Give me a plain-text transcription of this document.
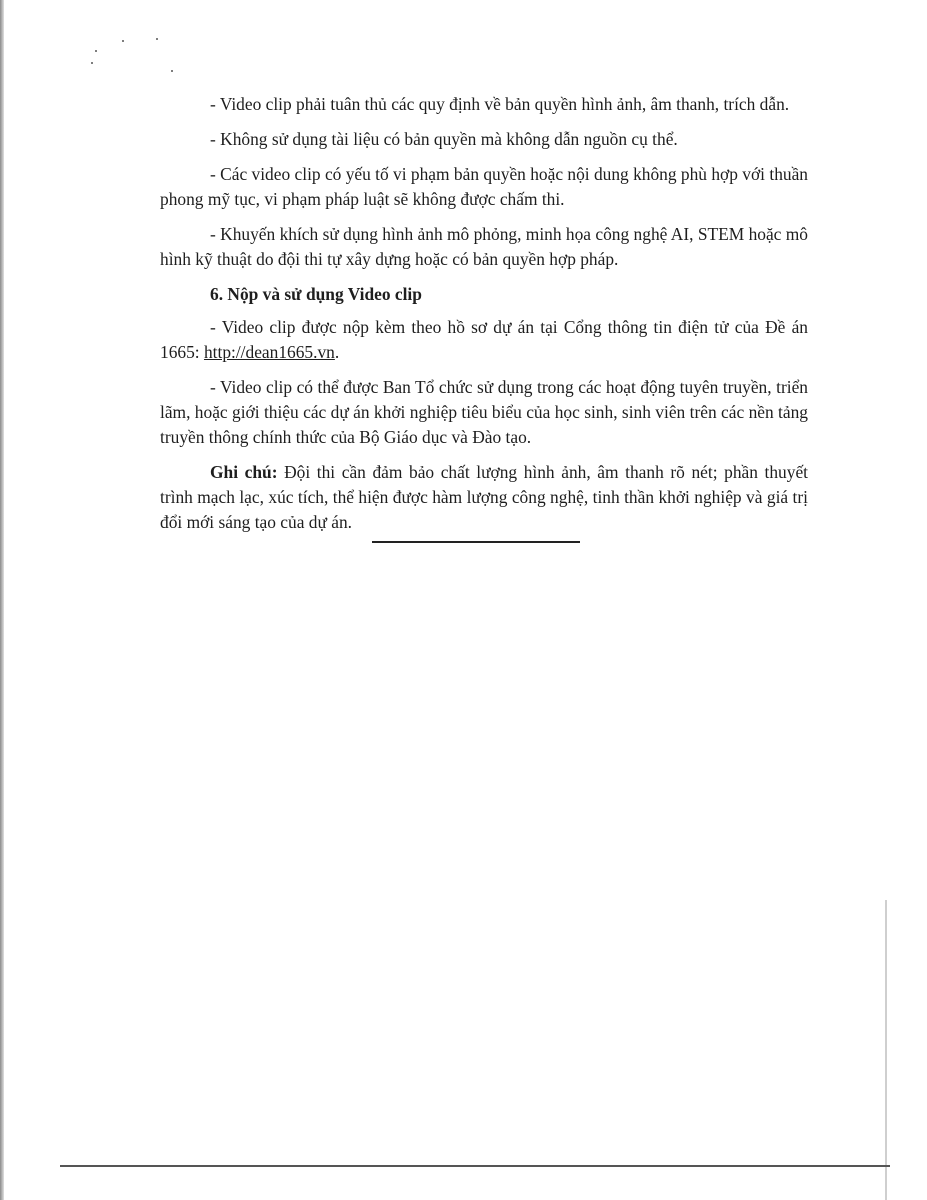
- Video clip phải tuân thủ các quy định về bản quyền hình ảnh, âm thanh, trích dẫn.

- Không sử dụng tài liệu có bản quyền mà không dẫn nguồn cụ thể.

- Các video clip có yếu tố vi phạm bản quyền hoặc nội dung không phù hợp với thuần phong mỹ tục, vi phạm pháp luật sẽ không được chấm thi.

- Khuyến khích sử dụng hình ảnh mô phỏng, minh họa công nghệ AI, STEM hoặc mô hình kỹ thuật do đội thi tự xây dựng hoặc có bản quyền hợp pháp.

6. Nộp và sử dụng Video clip

- Video clip được nộp kèm theo hồ sơ dự án tại Cổng thông tin điện tử của Đề án 1665: http://dean1665.vn.

- Video clip có thể được Ban Tổ chức sử dụng trong các hoạt động tuyên truyền, triển lãm, hoặc giới thiệu các dự án khởi nghiệp tiêu biểu của học sinh, sinh viên trên các nền tảng truyền thông chính thức của Bộ Giáo dục và Đào tạo.

Ghi chú: Đội thi cần đảm bảo chất lượng hình ảnh, âm thanh rõ nét; phần thuyết trình mạch lạc, xúc tích, thể hiện được hàm lượng công nghệ, tinh thần khởi nghiệp và giá trị đổi mới sáng tạo của dự án.
